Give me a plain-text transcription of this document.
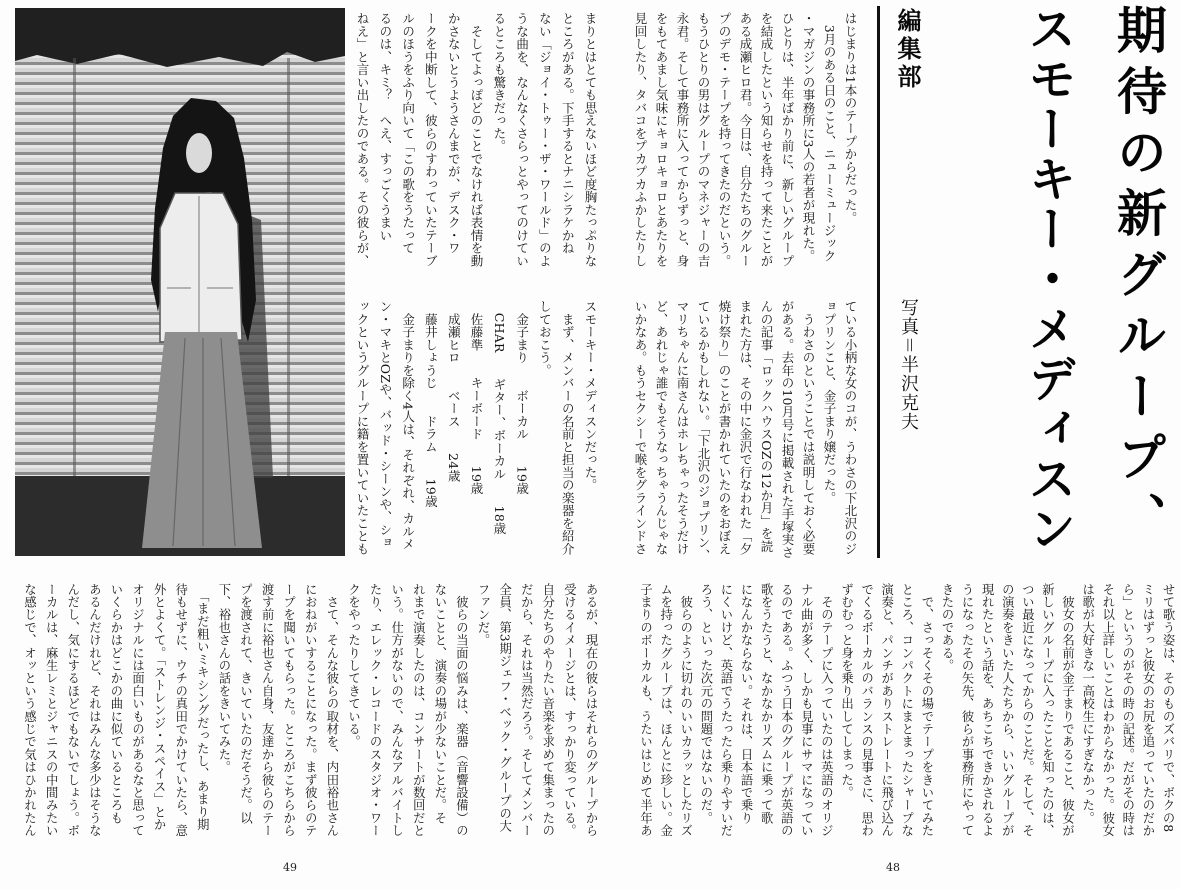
期待の新グループ、
スモーキー・メディスン
編集部
写真＝半沢克夫
はじまりは1本のテープからだった。
　3月のある日のこと、ニューミュージック
・マガジンの事務所に3人の若者が現れた。
ひとりは、半年ばかり前に、新しいグループ
を結成したという知らせを持って来たことが
ある成瀬ヒロ君。今日は、自分たちのグルー
プのデモ・テープを持ってきたのだという。
もうひとりの男はグループのマネジャーの吉
永君。そして事務所に入ってからずっと、身
をもてあまし気味にキョロキョロとあたりを
見回したり、タバコをプカプカふかしたりし
ている小柄な女のコが、うわさの下北沢のジ
ョプリンこと、金子まり嬢だった。
　うわさのということでは説明しておく必要
がある。去年の10月号に掲載された手塚実さ
んの記事「ロックハウスOZの12か月」を読
まれた方は、その中に金沢で行なわれた「夕
焼け祭り」のことが書かれていたのをおぼえ
ているかもしれない。「下北沢のジョプリン、
マリちゃんに南さんはホレちゃったそうだけ
ど、あれじゃ誰でもそうなっちゃうんじゃな
いかなあ。もうセクシーで喉をグラインドさ
せて歌う姿は、そのものズバリで、ボクの8
ミリはずっと彼女のお尻を追っていたのだか
ら」というのがその時の記述。だがその時は
それ以上詳しいことはわからなかった。彼女
は歌が大好きな一高校生にすぎなかった。
　彼女の名前が金子まりであること、彼女が
新しいグループに入ったことを知ったのは、
つい最近になってからのことだ。そして、そ
の演奏をきいた人たちから、いいグループが
現れたという話を、あちこちできかされるよ
うになったその矢先、彼らが事務所にやって
きたのである。
　で、さっそくその場でテープをきいてみた
ところ、コンパクトにまとまったシャープな
演奏と、パンチがありストレートに飛び込ん
でくるボーカルのバランスの見事さに、思わ
ずむむっと身を乗り出してしまった。
　そのテープに入っていたのは英語のオリジ
ナル曲が多く、しかも見事にサマになってい
るのである。ふつう日本のグループが英語の
歌をうたうと、なかなかリズムに乗って歌
になんかならない。それは、日本語で乗り
にくいけど、英語でうたったら乗りやすいだ
ろう、といった次元の問題ではないのだ。
　彼らのように切れのいいカラッとしたリズ
ムを持ったグループは、ほんとに珍しい。金
子まりのボーカルも、うたいはじめて半年あ
48
まりとはとても思えないほど度胸たっぷりな
ところがある。下手するとナニシラケかね
ない「ジョイ・トゥー・ザ・ワールド」のよ
うな曲を、なんなくさらっとやってのけてい
るところも驚きだった。
　そしてよっぽどのことでなければ表情を動
かさないとうようさんまでが、デスク・ワ
ークを中断して、彼らのすわっていたテーブ
ルのほうをふり向いて「この歌をうたって
るのは、キミ？　へえ、すっごくうまい
ねえ」と言い出したのである。その彼らが、
スモーキー・メディスンだった。
　まず、メンバーの名前と担当の楽器を紹介
しておこう。
　金子まり　　ボーカル　　19歳
　CHAR　　ギター、ボーカル　　18歳
　佐藤準　　キーボード　　19歳
　成瀬ヒロ　　ベース　　24歳
　藤井しょうじ　　ドラム　　19歳
　金子まりを除く4人は、それぞれ、カルメ
ン・マキとOZや、バッド・シーンや、ショ
ックというグループに籍を置いていたことも
あるが、現在の彼らはそれらのグループから
受けるイメージとは、すっかり変っている。
自分たちのやりたい音楽を求めて集まったの
だから、それは当然だろう。そしてメンバー
全員、第3期ジェフ・ベック・グループの大
ファンだ。
　彼らの当面の悩みは、楽器（音響設備）の
ないことと、演奏の場が少ないことだ。そ
れまで演奏したのは、コンサートが数回だと
いう。仕方がないので、みんなアルバイトし
たり、エレック・レコードのスタジオ・ワー
クをやったりしてきている。
　さて、そんな彼らの取材を、内田裕也さん
におねがいすることになった。まず彼らのテ
ープを聞いてもらった。ところがこちらから
渡す前に裕也さん自身、友達から彼らのテー
プを渡されて、きいていたのだそうだ。以
下、裕也さんの話をきいてみた。
　「まだ粗いミキシングだったし、あまり期
待もせずに、ウチの真田でかけていたら、意
外とよくて。「ストレンジ・スペイス」とか
オリジナルには面白いものがあるなと思って
いくらかはどこかの曲に似ているところも
あるんだけれど、それはみんな多少はそうな
んだし、気にするほどでもないでしょう。ボ
ーカルは、麻生レミとジャニスの中間みたい
な感じで、オッという感じで気はひかれたん
49
